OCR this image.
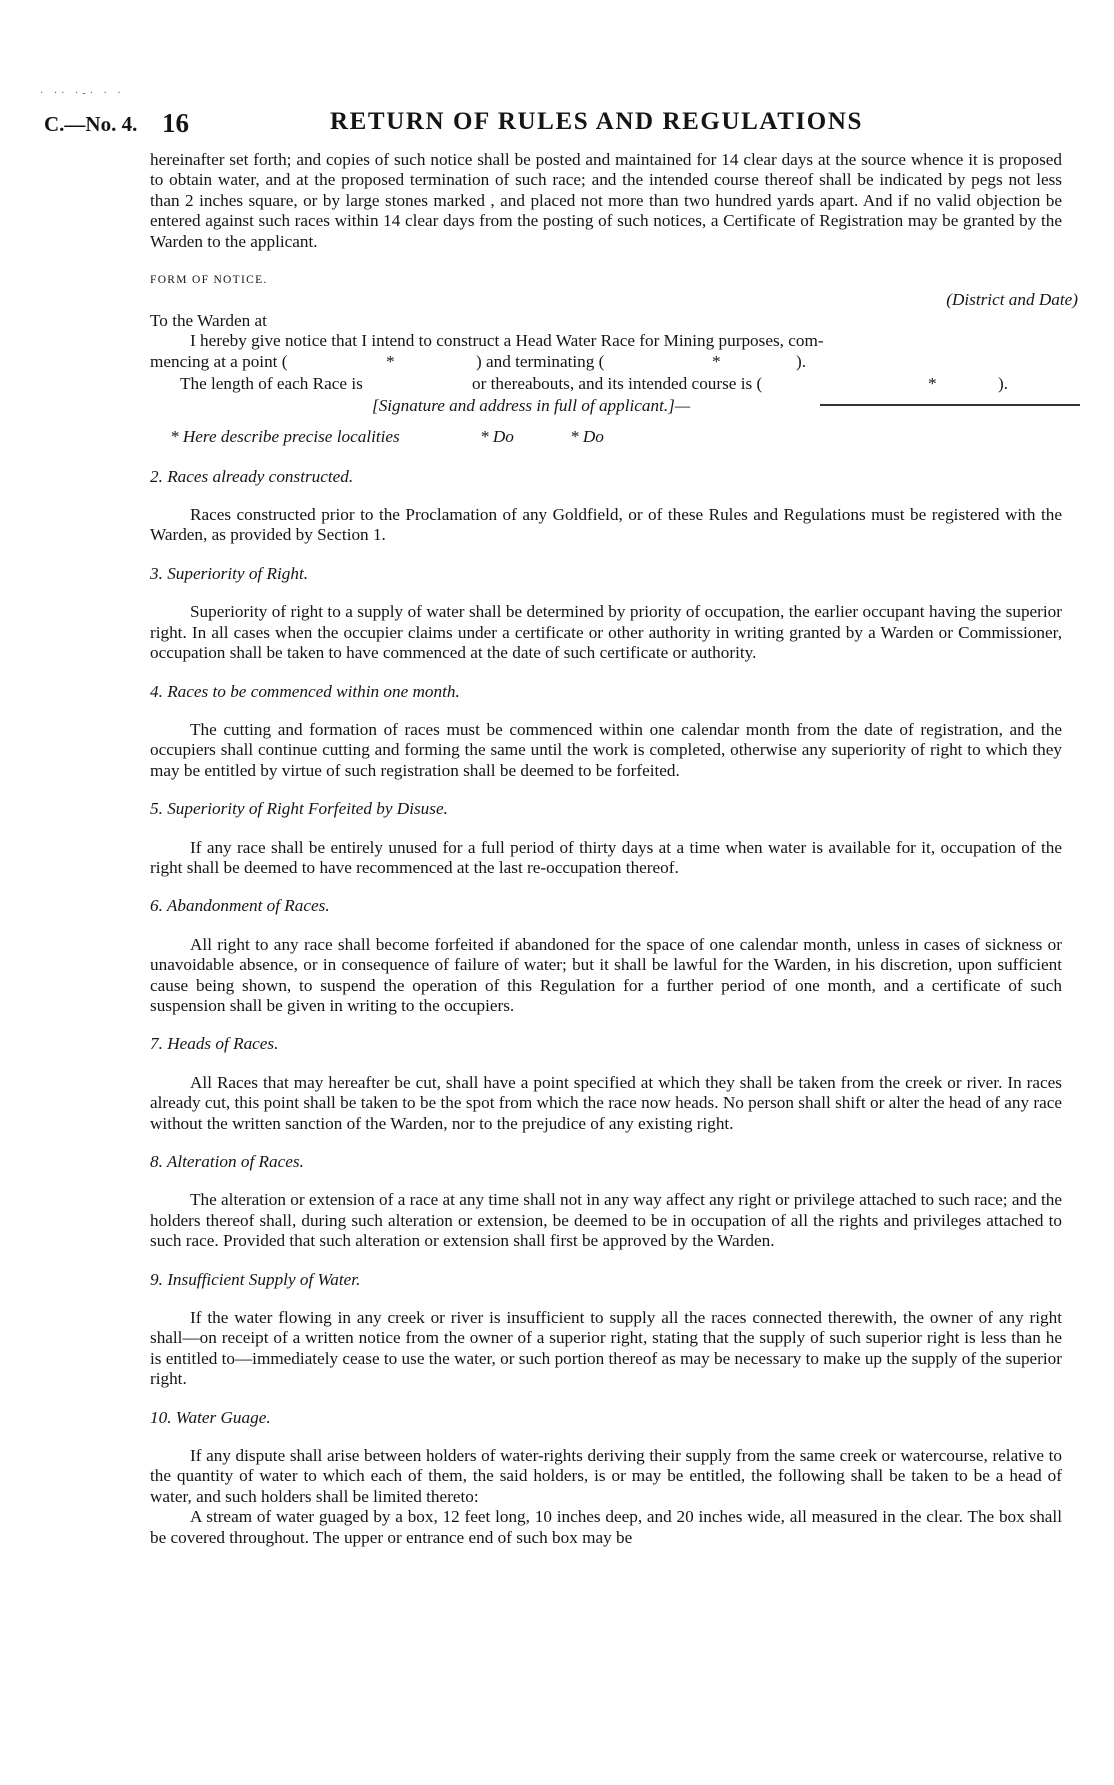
· ·· ·-· · ·
C.—No. 4. 16	RETURN OF RULES AND REGULATIONS

hereinafter set forth; and copies of such notice shall be posted and maintained for 14 clear days at the source whence it is proposed to obtain water, and at the proposed termination of such race; and the intended course thereof shall be indicated by pegs not less than 2 inches square, or by large stones marked , and placed not more than two hundred yards apart. And if no valid objection be entered against such races within 14 clear days from the posting of such notices, a Certificate of Registration may be granted by the Warden to the applicant.

FORM OF NOTICE.

(District and Date)

To the Warden at

I hereby give notice that I intend to construct a Head Water Race for Mining purposes, com-

mencing at a point (	*	) and terminating (	*	).
The length of each Race is	or thereabouts, and its intended course is (	*	).
[Signature and address in full of applicant.]—
* Here describe precise localities	* Do	* Do

2. Races already constructed.

Races constructed prior to the Proclamation of any Goldfield, or of these Rules and Regulations must be registered with the Warden, as provided by Section 1.

3. Superiority of Right.

Superiority of right to a supply of water shall be determined by priority of occupation, the earlier occupant having the superior right. In all cases when the occupier claims under a certificate or other authority in writing granted by a Warden or Commissioner, occupation shall be taken to have commenced at the date of such certificate or authority.

4. Races to be commenced within one month.

The cutting and formation of races must be commenced within one calendar month from the date of registration, and the occupiers shall continue cutting and forming the same until the work is completed, otherwise any superiority of right to which they may be entitled by virtue of such registration shall be deemed to be forfeited.

5. Superiority of Right Forfeited by Disuse.

If any race shall be entirely unused for a full period of thirty days at a time when water is available for it, occupation of the right shall be deemed to have recommenced at the last re-occupation thereof.

6. Abandonment of Races.

All right to any race shall become forfeited if abandoned for the space of one calendar month, unless in cases of sickness or unavoidable absence, or in consequence of failure of water; but it shall be lawful for the Warden, in his discretion, upon sufficient cause being shown, to suspend the operation of this Regulation for a further period of one month, and a certificate of such suspension shall be given in writing to the occupiers.

7. Heads of Races.

All Races that may hereafter be cut, shall have a point specified at which they shall be taken from the creek or river. In races already cut, this point shall be taken to be the spot from which the race now heads. No person shall shift or alter the head of any race without the written sanction of the Warden, nor to the prejudice of any existing right.

8. Alteration of Races.

The alteration or extension of a race at any time shall not in any way affect any right or privilege attached to such race; and the holders thereof shall, during such alteration or extension, be deemed to be in occupation of all the rights and privileges attached to such race. Provided that such alteration or extension shall first be approved by the Warden.

9. Insufficient Supply of Water.

If the water flowing in any creek or river is insufficient to supply all the races connected therewith, the owner of any right shall—on receipt of a written notice from the owner of a superior right, stating that the supply of such superior right is less than he is entitled to—immediately cease to use the water, or such portion thereof as may be necessary to make up the supply of the superior right.

10. Water Guage.

If any dispute shall arise between holders of water-rights deriving their supply from the same creek or watercourse, relative to the quantity of water to which each of them, the said holders, is or may be entitled, the following shall be taken to be a head of water, and such holders shall be limited thereto:

A stream of water guaged by a box, 12 feet long, 10 inches deep, and 20 inches wide, all measured in the clear. The box shall be covered throughout. The upper or entrance end of such box may be
